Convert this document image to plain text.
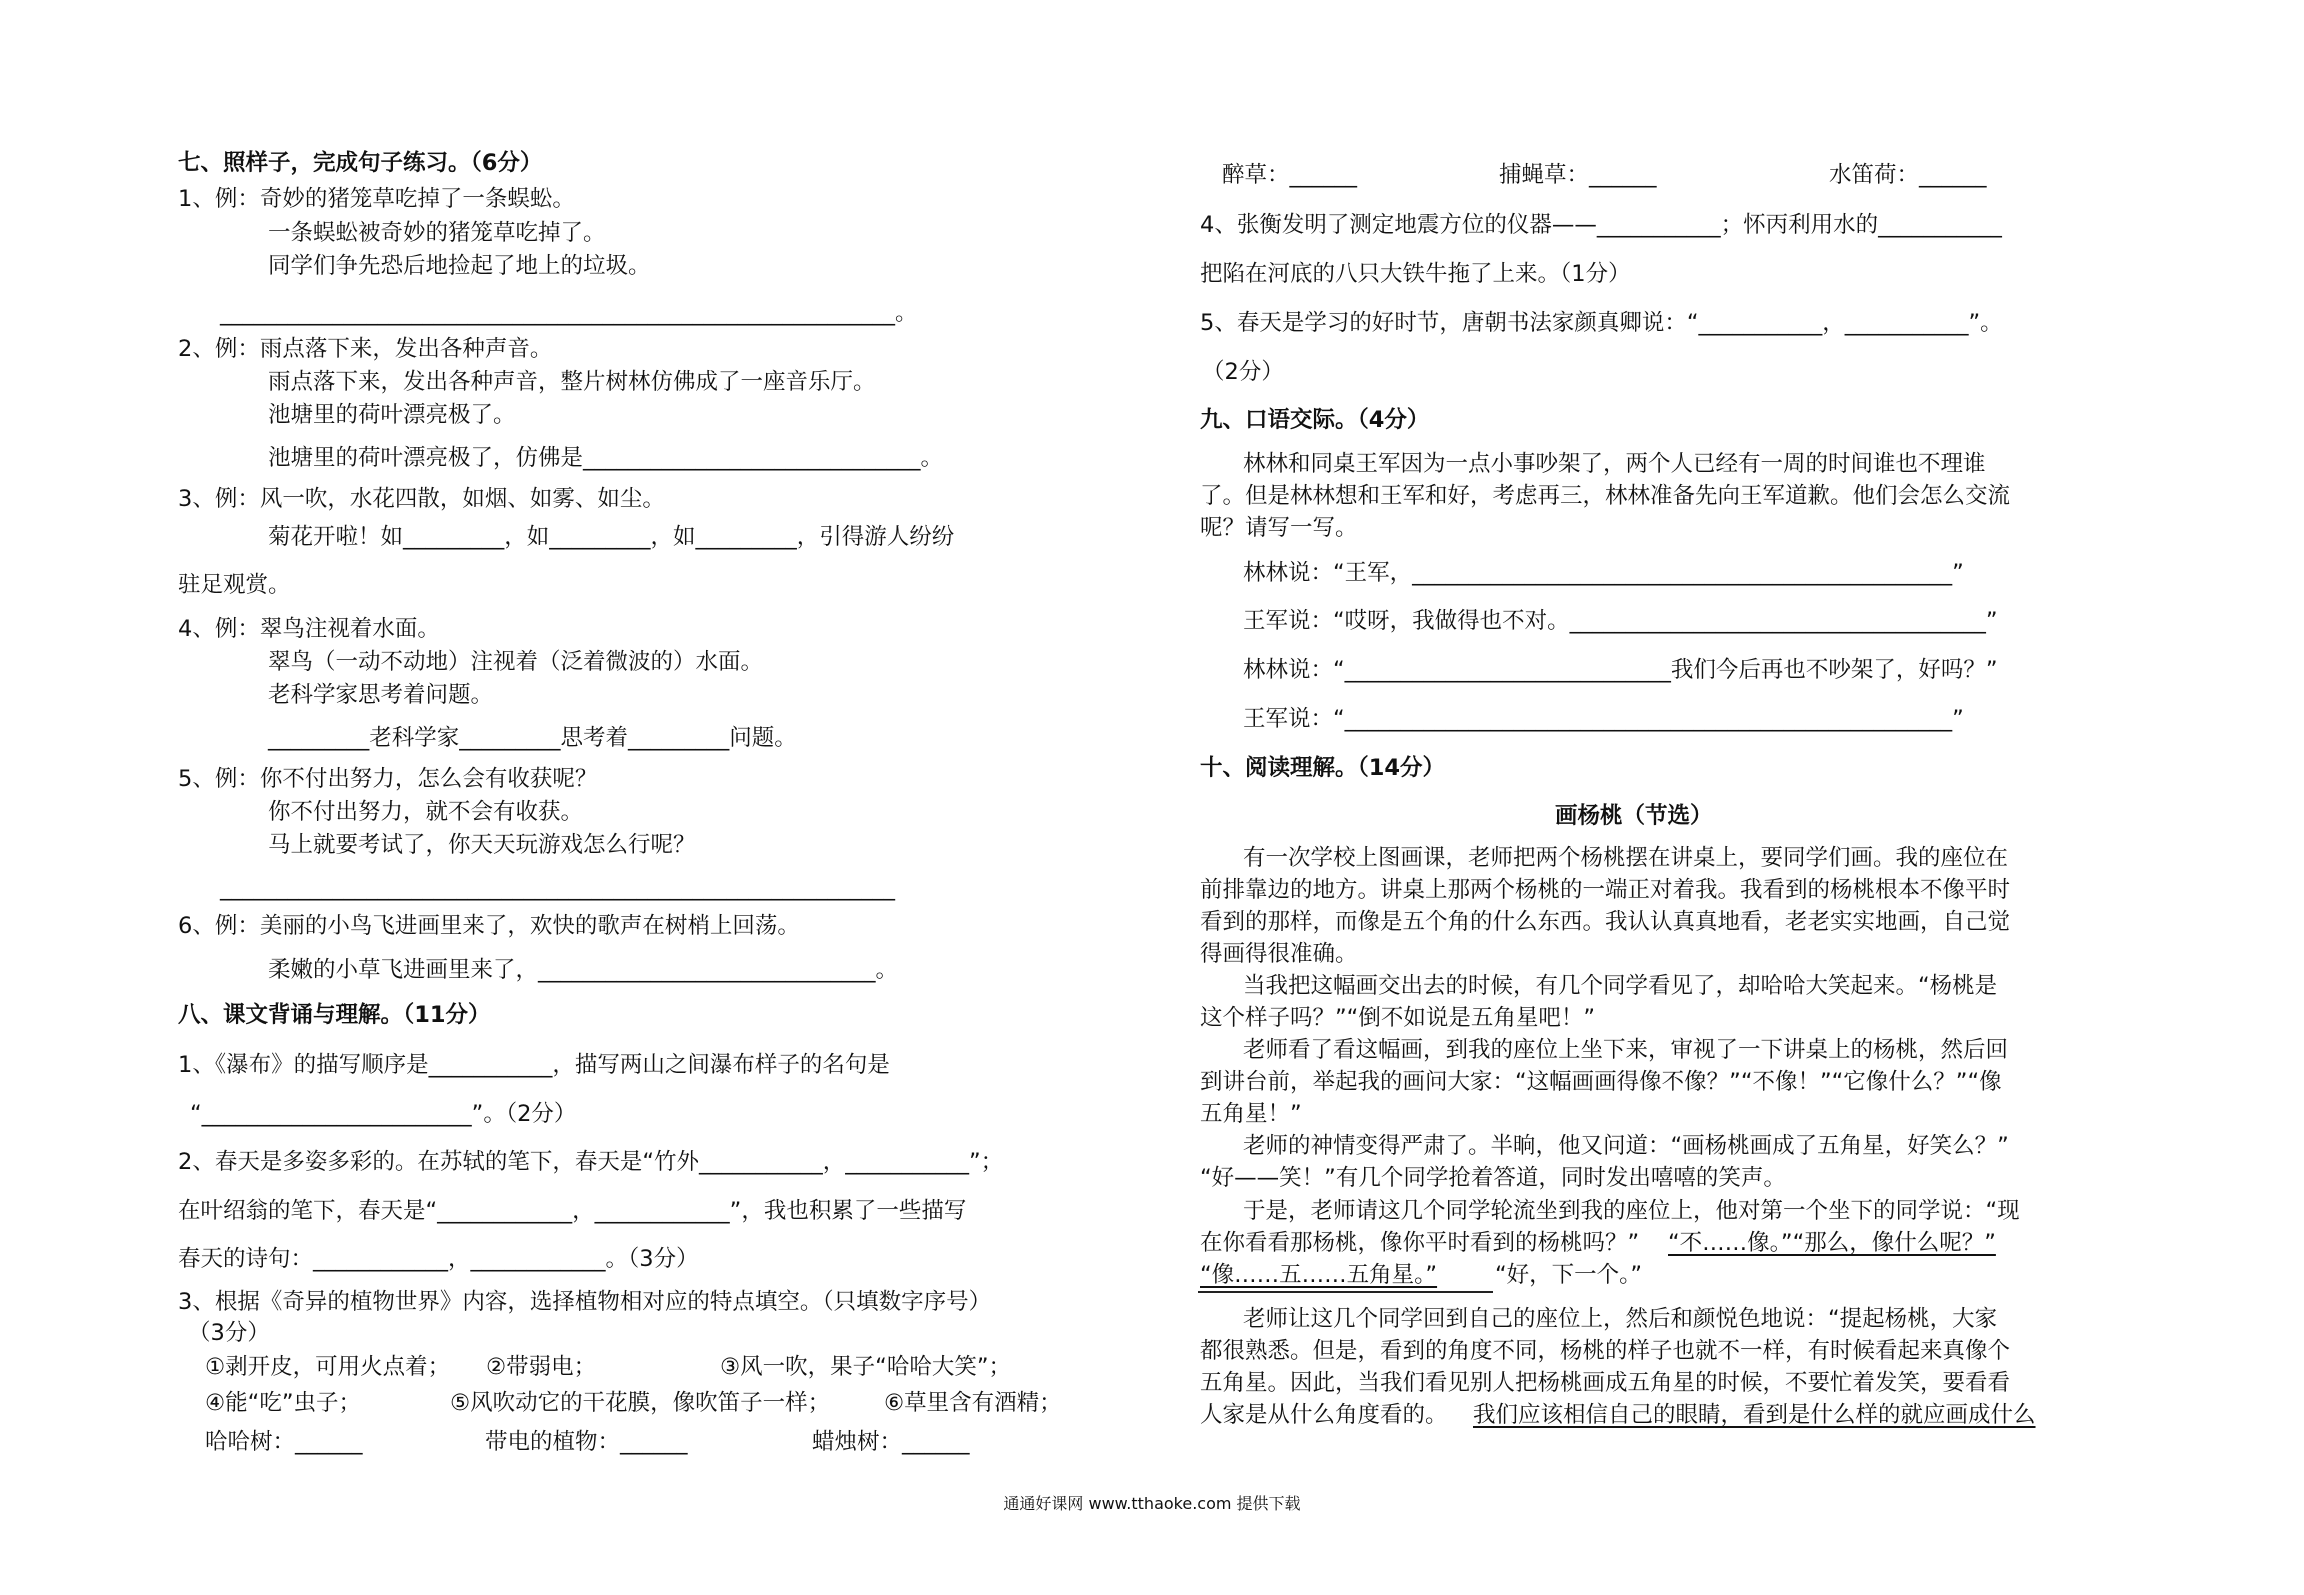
七、照样子，完成句子练习。（6分）
1、例：奇妙的猪笼草吃掉了一条蜈蚣。
一条蜈蚣被奇妙的猪笼草吃掉了。
同学们争先恐后地捡起了地上的垃圾。
____________________________________________________________。
2、例：雨点落下来，发出各种声音。
雨点落下来，发出各种声音，整片树林仿佛成了一座音乐厅。
池塘里的荷叶漂亮极了。
池塘里的荷叶漂亮极了，仿佛是______________________________。
3、例：风一吹，水花四散，如烟、如雾、如尘。
菊花开啦！如_________，如_________，如_________，引得游人纷纷
驻足观赏。
4、例：翠鸟注视着水面。
翠鸟（一动不动地）注视着（泛着微波的）水面。
老科学家思考着问题。
_________老科学家_________思考着_________问题。
5、例：你不付出努力，怎么会有收获呢？
你不付出努力，就不会有收获。
马上就要考试了，你天天玩游戏怎么行呢？
____________________________________________________________
6、例：美丽的小鸟飞进画里来了，欢快的歌声在树梢上回荡。
柔嫩的小草飞进画里来了，______________________________。
八、课文背诵与理解。（11分）
1、《瀑布》的描写顺序是___________，描写两山之间瀑布样子的名句是
“________________________”。（2分）
2、春天是多姿多彩的。在苏轼的笔下，春天是“竹外___________，___________”；
在叶绍翁的笔下，春天是“____________，____________”，我也积累了一些描写
春天的诗句：____________，____________。（3分）
3、根据《奇异的植物世界》内容，选择植物相对应的特点填空。（只填数字序号）
（3分）
①剥开皮，可用火点着； ②带弱电；	③风一吹，果子“哈哈大笑”；
④能“吃”虫子；	⑤风吹动它的干花膜，像吹笛子一样； ⑥草里含有酒精；
哈哈树：______	带电的植物：______	蜡烛树：______
醉草：______	捕蝇草：______	水笛荷：______
4、张衡发明了测定地震方位的仪器——___________；怀丙利用水的___________
把陷在河底的八只大铁牛拖了上来。（1分）
5、春天是学习的好时节，唐朝书法家颜真卿说：“___________，___________”。
（2分）
九、口语交际。（4分）
林林和同桌王军因为一点小事吵架了，两个人已经有一周的时间谁也不理谁
了。但是林林想和王军和好，考虑再三，林林准备先向王军道歉。他们会怎么交流
呢？请写一写。
林林说：“王军，________________________________________________”
王军说：“哎呀，我做得也不对。_____________________________________”
林林说：“_____________________________我们今后再也不吵架了，好吗？”
王军说：“______________________________________________________”
十、阅读理解。（14分）
画杨桃（节选）
有一次学校上图画课，老师把两个杨桃摆在讲桌上，要同学们画。我的座位在
前排靠边的地方。讲桌上那两个杨桃的一端正对着我。我看到的杨桃根本不像平时
看到的那样，而像是五个角的什么东西。我认认真真地看，老老实实地画，自己觉
得画得很准确。
当我把这幅画交出去的时候，有几个同学看见了，却哈哈大笑起来。“杨桃是
这个样子吗？”“倒不如说是五角星吧！”
老师看了看这幅画，到我的座位上坐下来，审视了一下讲桌上的杨桃，然后回
到讲台前，举起我的画问大家：“这幅画画得像不像？”“不像！”“它像什么？”“像
五角星！”
老师的神情变得严肃了。半晌，他又问道：“画杨桃画成了五角星，好笑么？”
“好——笑！”有几个同学抢着答道，同时发出嘻嘻的笑声。
于是，老师请这几个同学轮流坐到我的座位上，他对第一个坐下的同学说：“现
在你看看那杨桃，像你平时看到的杨桃吗？” “不……像。”“那么，像什么呢？”
“像……五……五角星。”	“好，下一个。”
老师让这几个同学回到自己的座位上，然后和颜悦色地说：“提起杨桃，大家
都很熟悉。但是，看到的角度不同，杨桃的样子也就不一样，有时候看起来真像个
五角星。因此，当我们看见别人把杨桃画成五角星的时候，不要忙着发笑，要看看
人家是从什么角度看的。 我们应该相信自己的眼睛，看到是什么样的就应画成什么
通通好课网 www.tthaoke.com 提供下载
